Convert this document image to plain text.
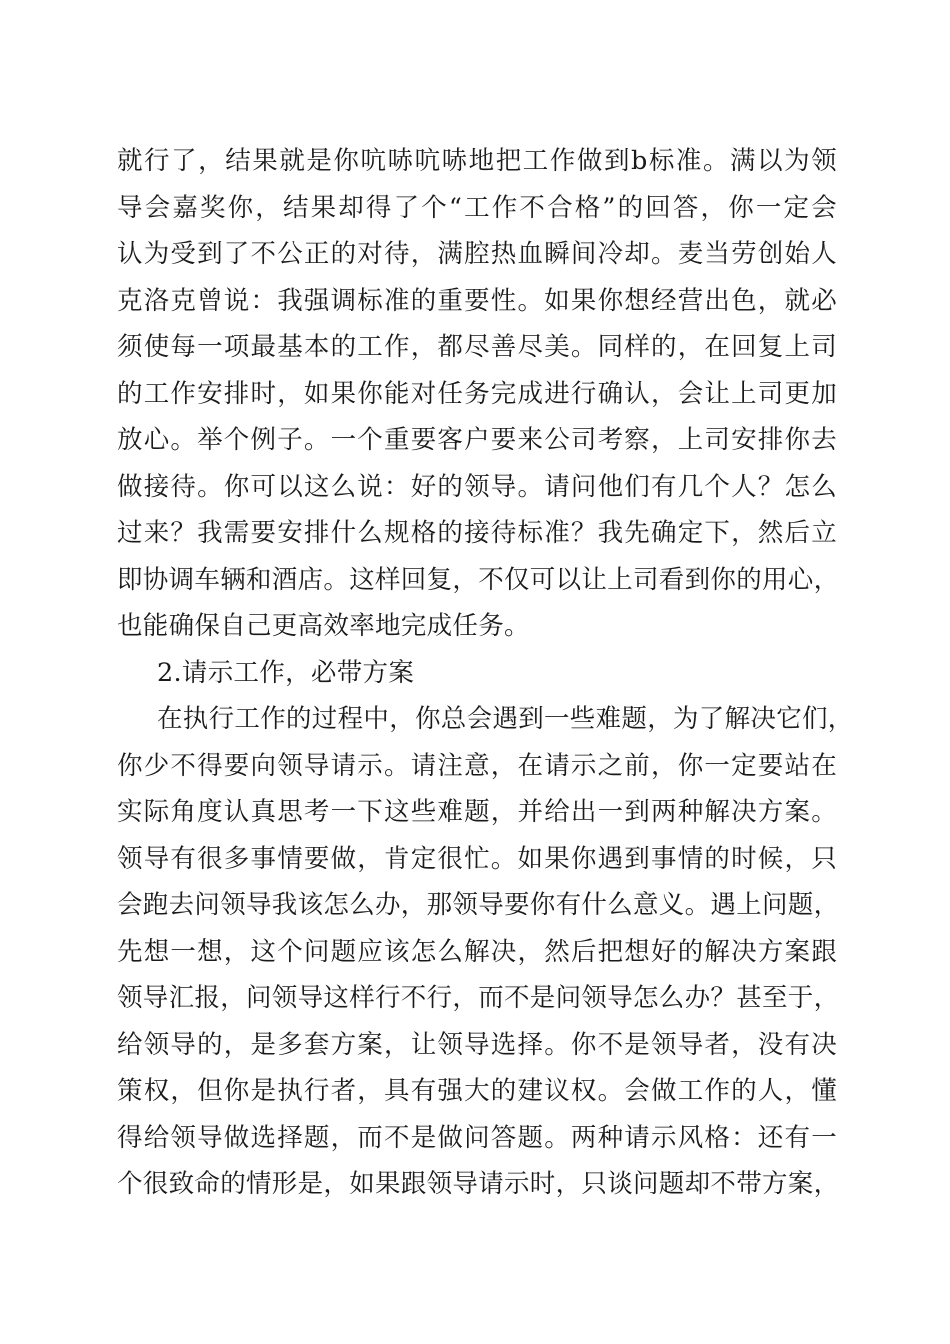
就行了，结果就是你吭哧吭哧地把工作做到b标准。满以为领
导会嘉奖你，结果却得了个“工作不合格”的回答，你一定会
认为受到了不公正的对待，满腔热血瞬间冷却。麦当劳创始人
克洛克曾说：我强调标准的重要性。如果你想经营出色，就必
须使每一项最基本的工作，都尽善尽美。同样的，在回复上司
的工作安排时，如果你能对任务完成进行确认，会让上司更加
放心。举个例子。一个重要客户要来公司考察，上司安排你去
做接待。你可以这么说：好的领导。请问他们有几个人？怎么
过来？我需要安排什么规格的接待标准？我先确定下，然后立
即协调车辆和酒店。这样回复，不仅可以让上司看到你的用心，
也能确保自己更高效率地完成任务。
2.请示工作，必带方案
在执行工作的过程中，你总会遇到一些难题，为了解决它们，
你少不得要向领导请示。请注意，在请示之前，你一定要站在
实际角度认真思考一下这些难题，并给出一到两种解决方案。
领导有很多事情要做，肯定很忙。如果你遇到事情的时候，只
会跑去问领导我该怎么办，那领导要你有什么意义。遇上问题，
先想一想，这个问题应该怎么解决，然后把想好的解决方案跟
领导汇报，问领导这样行不行，而不是问领导怎么办？甚至于，
给领导的，是多套方案，让领导选择。你不是领导者，没有决
策权，但你是执行者，具有强大的建议权。会做工作的人，懂
得给领导做选择题，而不是做问答题。两种请示风格：还有一
个很致命的情形是，如果跟领导请示时，只谈问题却不带方案，
